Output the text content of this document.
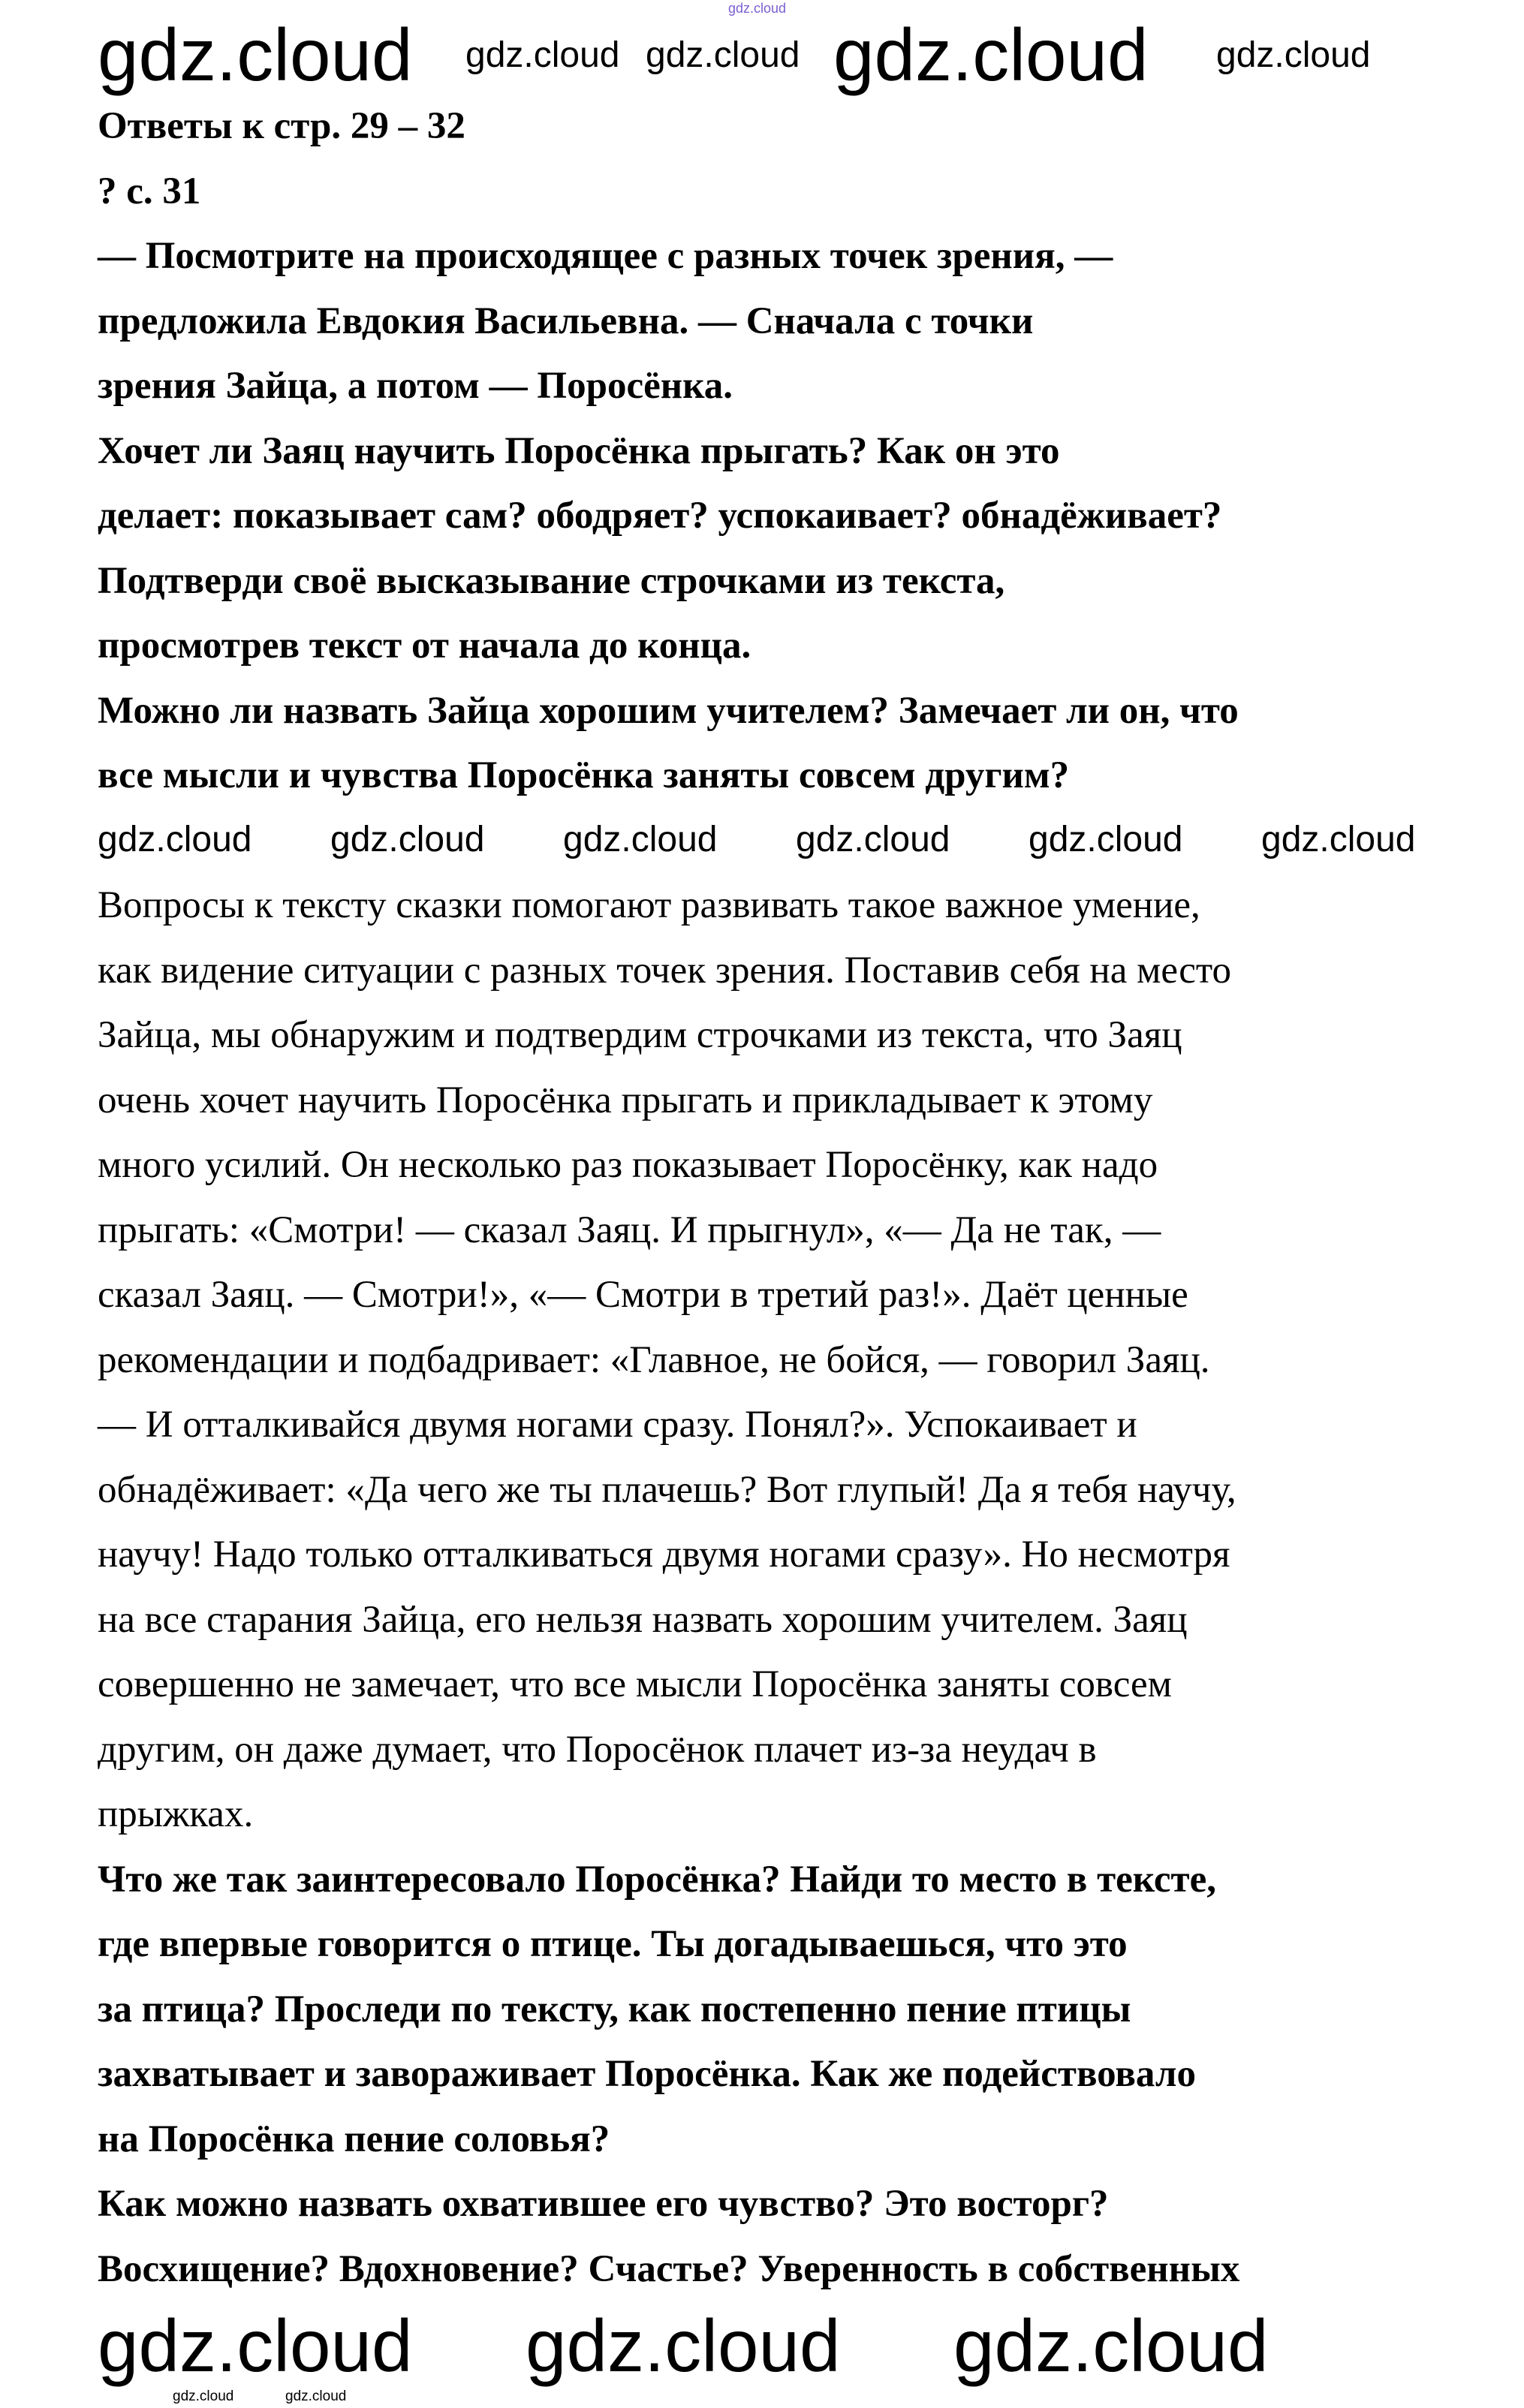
gdz.cloud
Ответы к стр. 29 – 32
? с. 31
— Посмотрите на происходящее с разных точек зрения, —
предложила Евдокия Васильевна. — Сначала с точки
зрения Зайца, а потом — Поросёнка.
Хочет ли Заяц научить Поросёнка прыгать? Как он это
делает: показывает сам? ободряет? успокаивает? обнадёживает?
Подтверди своё высказывание строчками из текста,
просмотрев текст от начала до конца.
Можно ли назвать Зайца хорошим учителем? Замечает ли он, что
все мысли и чувства Поросёнка заняты совсем другим?
Вопросы к тексту сказки помогают развивать такое важное умение,
как видение ситуации с разных точек зрения. Поставив себя на место
Зайца, мы обнаружим и подтвердим строчками из текста, что Заяц
очень хочет научить Поросёнка прыгать и прикладывает к этому
много усилий. Он несколько раз показывает Поросёнку, как надо
прыгать: «Смотри! — сказал Заяц. И прыгнул», «— Да не так, —
сказал Заяц. — Смотри!», «— Смотри в третий раз!». Даёт ценные
рекомендации и подбадривает: «Главное, не бойся, — говорил Заяц.
— И отталкивайся двумя ногами сразу. Понял?». Успокаивает и
обнадёживает: «Да чего же ты плачешь? Вот глупый! Да я тебя научу,
научу! Надо только отталкиваться двумя ногами сразу». Но несмотря
на все старания Зайца, его нельзя назвать хорошим учителем. Заяц
совершенно не замечает, что все мысли Поросёнка заняты совсем
другим, он даже думает, что Поросёнок плачет из-за неудач в
прыжках.
Что же так заинтересовало Поросёнка? Найди то место в тексте,
где впервые говорится о птице. Ты догадываешься, что это
за птица? Проследи по тексту, как постепенно пение птицы
захватывает и завораживает Поросёнка. Как же подействовало
на Поросёнка пение соловья?
Как можно назвать охватившее его чувство? Это восторг?
Восхищение? Вдохновение? Счастье? Уверенность в собственных
gdz.cloud gdz.cloud gdz.cloud gdz.cloud gdz.cloud
gdz.cloud gdz.cloud gdz.cloud gdz.cloud gdz.cloud gdz.cloud
gdz.cloud gdz.cloud gdz.cloud
gdz.cloud	gdz.cloud
